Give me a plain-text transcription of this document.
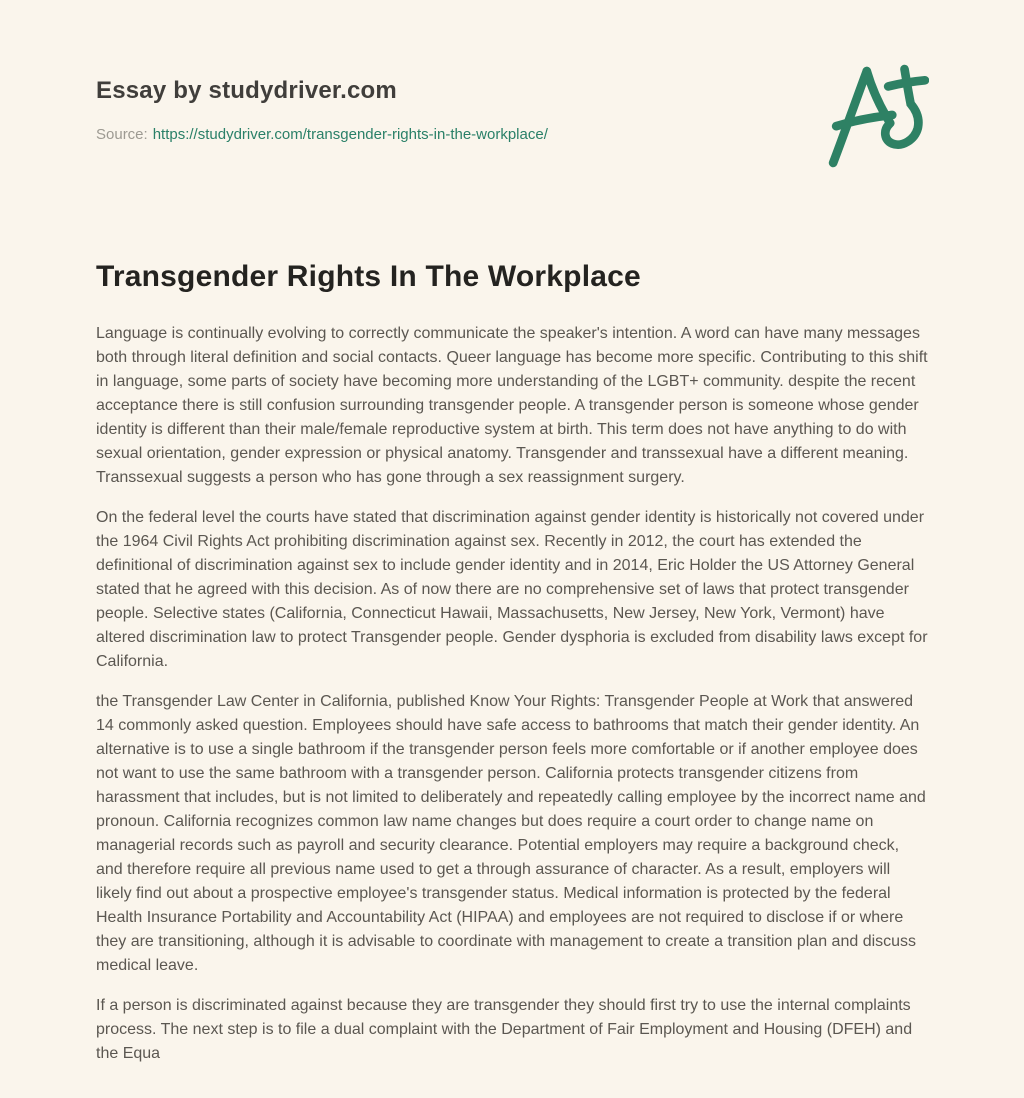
Essay by studydriver.com

Source: https://studydriver.com/transgender-rights-in-the-workplace/

Transgender Rights In The Workplace

Language is continually evolving to correctly communicate the speaker's intention. A word can have many messages both through literal definition and social contacts. Queer language has become more specific. Contributing to this shift in language, some parts of society have becoming more understanding of the LGBT+ community. despite the recent acceptance there is still confusion surrounding transgender people. A transgender person is someone whose gender identity is different than their male/female reproductive system at birth. This term does not have anything to do with sexual orientation, gender expression or physical anatomy. Transgender and transsexual have a different meaning. Transsexual suggests a person who has gone through a sex reassignment surgery.

On the federal level the courts have stated that discrimination against gender identity is historically not covered under the 1964 Civil Rights Act prohibiting discrimination against sex. Recently in 2012, the court has extended the definitional of discrimination against sex to include gender identity and in 2014, Eric Holder the US Attorney General stated that he agreed with this decision. As of now there are no comprehensive set of laws that protect transgender people. Selective states (California, Connecticut Hawaii, Massachusetts, New Jersey, New York, Vermont) have altered discrimination law to protect Transgender people. Gender dysphoria is excluded from disability laws except for California.

the Transgender Law Center in California, published Know Your Rights: Transgender People at Work that answered 14 commonly asked question. Employees should have safe access to bathrooms that match their gender identity. An alternative is to use a single bathroom if the transgender person feels more comfortable or if another employee does not want to use the same bathroom with a transgender person. California protects transgender citizens from harassment that includes, but is not limited to deliberately and repeatedly calling employee by the incorrect name and pronoun. California recognizes common law name changes but does require a court order to change name on managerial records such as payroll and security clearance. Potential employers may require a background check, and therefore require all previous name used to get a through assurance of character. As a result, employers will likely find out about a prospective employee's transgender status. Medical information is protected by the federal Health Insurance Portability and Accountability Act (HIPAA) and employees are not required to disclose if or where they are transitioning, although it is advisable to coordinate with management to create a transition plan and discuss medical leave.

If a person is discriminated against because they are transgender they should first try to use the internal complaints process. The next step is to file a dual complaint with the Department of Fair Employment and Housing (DFEH) and the Equa
